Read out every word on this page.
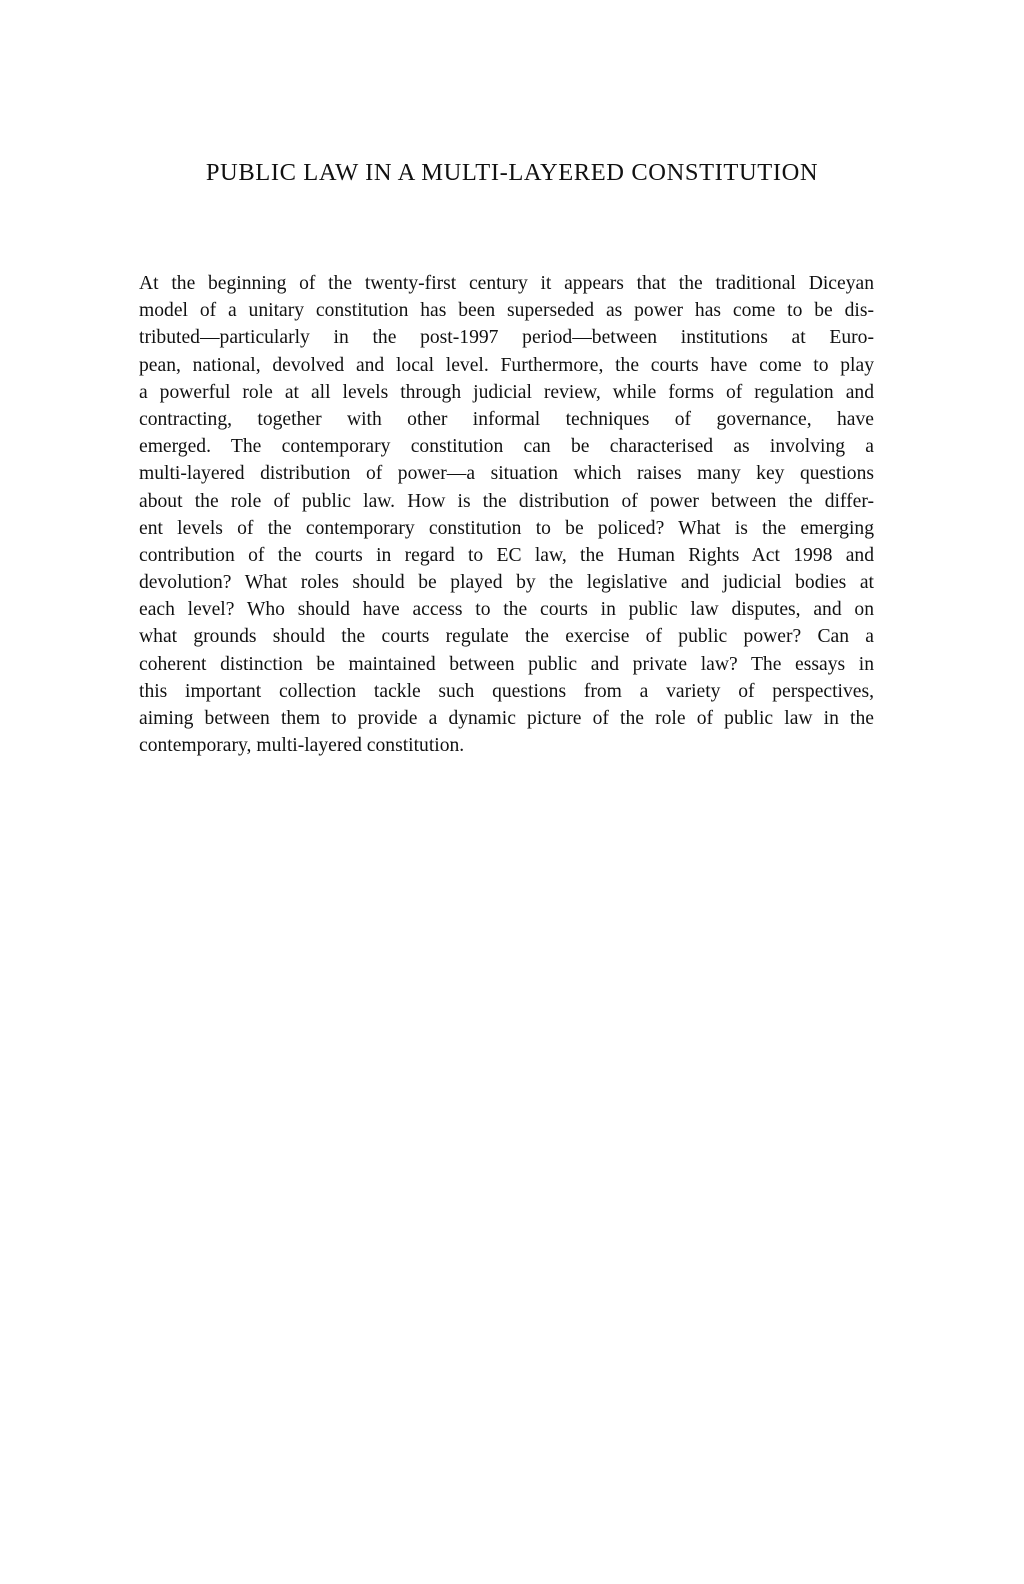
PUBLIC LAW IN A MULTI-LAYERED CONSTITUTION
At the beginning of the twenty-first century it appears that the traditional Diceyan
model of a unitary constitution has been superseded as power has come to be dis-
tributed—particularly in the post-1997 period—between institutions at Euro-
pean, national, devolved and local level. Furthermore, the courts have come to play
a powerful role at all levels through judicial review, while forms of regulation and
contracting, together with other informal techniques of governance, have
emerged. The contemporary constitution can be characterised as involving a
multi-layered distribution of power—a situation which raises many key questions
about the role of public law. How is the distribution of power between the differ-
ent levels of the contemporary constitution to be policed? What is the emerging
contribution of the courts in regard to EC law, the Human Rights Act 1998 and
devolution? What roles should be played by the legislative and judicial bodies at
each level? Who should have access to the courts in public law disputes, and on
what grounds should the courts regulate the exercise of public power? Can a
coherent distinction be maintained between public and private law? The essays in
this important collection tackle such questions from a variety of perspectives,
aiming between them to provide a dynamic picture of the role of public law in the
contemporary, multi-layered constitution.
